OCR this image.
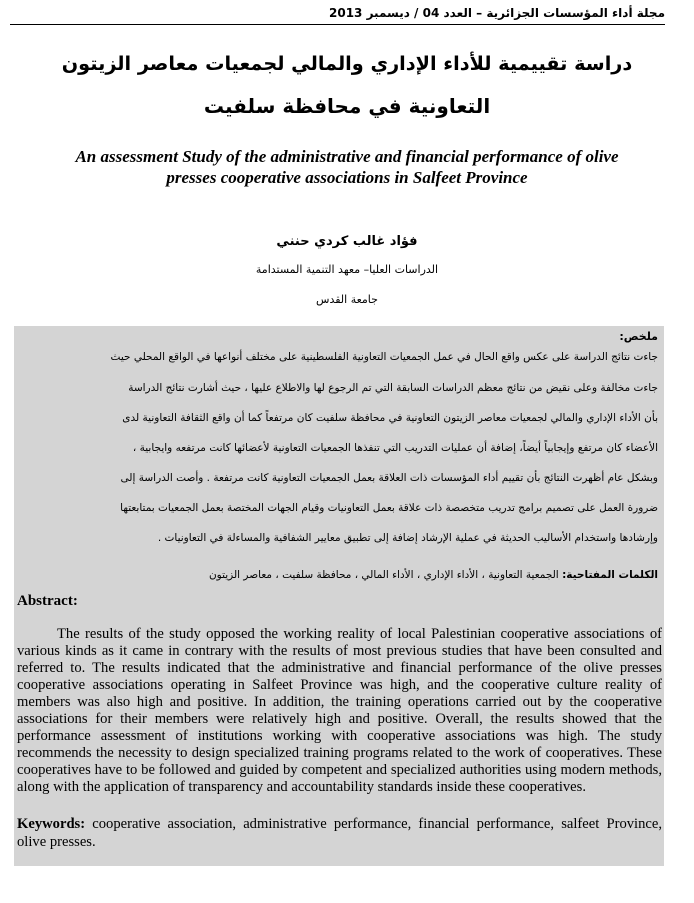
مجلة أداء المؤسسات الجزائرية – العدد 04 / ديسمبر 2013
دراسة تقييمية للأداء الإداري والمالي لجمعيات معاصر الزيتون
التعاونية في محافظة سلفيت
An assessment Study of the administrative and financial performance of olive presses cooperative associations in Salfeet Province
فؤاد غالب كردي حنني
الدراسات العليا– معهد التنمية المستدامة
جامعة القدس
ملخص:
جاءت نتائج الدراسة على عكس واقع الحال في عمل الجمعيات التعاونية الفلسطينية على مختلف أنواعها في الواقع المحلي حيث
جاءت مخالفة وعلى نقيض من نتائج معظم الدراسات السابقة التي تم الرجوع لها والاطلاع عليها ، حيث أشارت نتائج الدراسة
بأن الأداء الإداري والمالي لجمعيات معاصر الزيتون التعاونية في محافظة سلفيت كان مرتفعاً كما أن واقع الثقافة التعاونية لدى
الأعضاء كان مرتفع وإيجابياً أيضاً، إضافة أن عمليات التدريب التي تنفذها الجمعيات التعاونية لأعضائها كانت مرتفعه وايجابية ،
وبشكل عام أظهرت النتائج بأن تقييم أداء المؤسسات ذات العلاقة بعمل الجمعيات التعاونية كانت مرتفعة . وأصت الدراسة إلى
ضرورة العمل على تصميم برامج تدريب متخصصة ذات علاقة بعمل التعاونيات وقيام الجهات المختصة بعمل الجمعيات بمتابعتها
وإرشادها واستخدام الأساليب الحديثة في عملية الإرشاد إضافة إلى تطبيق معايير الشفافية والمساءلة في التعاونيات .
الكلمات المفتاحية: الجمعية التعاونية ، الأداء الإداري ، الأداء المالي ، محافظة سلفيت ، معاصر الزيتون
Abstract:

The results of the study opposed the working reality of local Palestinian cooperative associations of various kinds as it came in contrary with the results of most previous studies that have been consulted and referred to. The results indicated that the administrative and financial performance of the olive presses cooperative associations operating in Salfeet Province was high, and the cooperative culture reality of members was also high and positive. In addition, the training operations carried out by the cooperative associations for their members were relatively high and positive. Overall, the results showed that the performance assessment of institutions working with cooperative associations was high. The study recommends the necessity to design specialized training programs related to the work of cooperatives. These cooperatives have to be followed and guided by competent and specialized authorities using modern methods, along with the application of transparency and accountability standards inside these cooperatives.

Keywords: cooperative association, administrative performance, financial performance, salfeet Province, olive presses.
